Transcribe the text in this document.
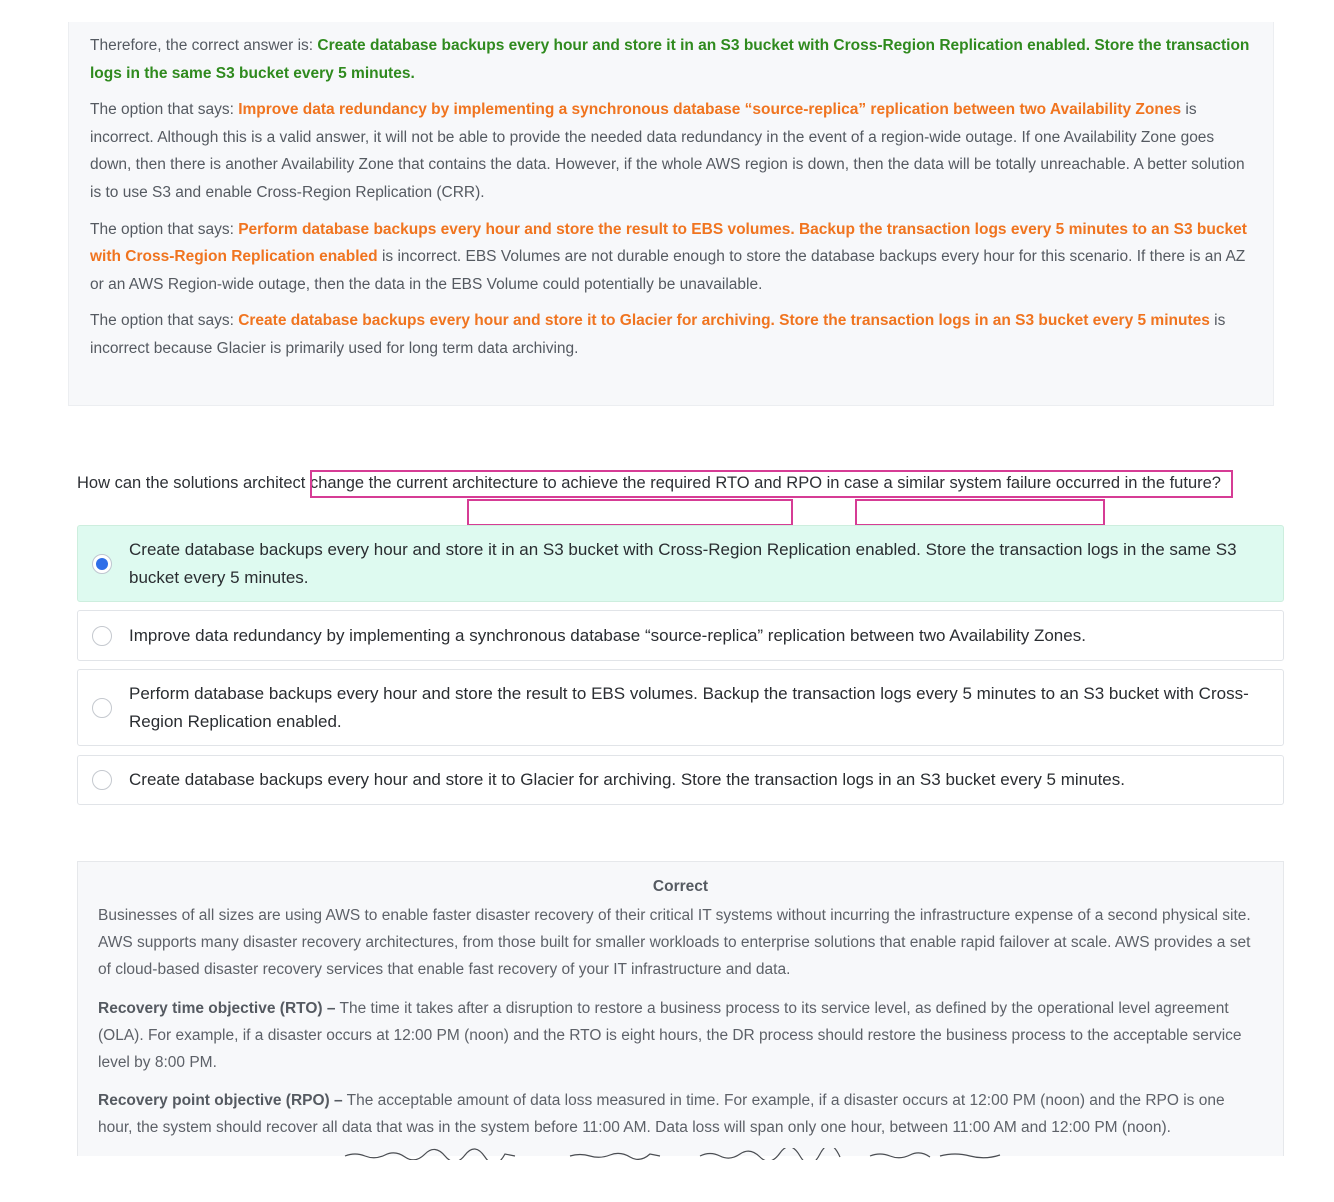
Therefore, the correct answer is: Create database backups every hour and store it in an S3 bucket with Cross-Region Replication enabled. Store the transaction logs in the same S3 bucket every 5 minutes.

The option that says: Improve data redundancy by implementing a synchronous database “source-replica” replication between two Availability Zones is incorrect. Although this is a valid answer, it will not be able to provide the needed data redundancy in the event of a region-wide outage. If one Availability Zone goes down, then there is another Availability Zone that contains the data. However, if the whole AWS region is down, then the data will be totally unreachable. A better solution is to use S3 and enable Cross-Region Replication (CRR).

The option that says: Perform database backups every hour and store the result to EBS volumes. Backup the transaction logs every 5 minutes to an S3 bucket with Cross-Region Replication enabled is incorrect. EBS Volumes are not durable enough to store the database backups every hour for this scenario. If there is an AZ or an AWS Region-wide outage, then the data in the EBS Volume could potentially be unavailable.

The option that says: Create database backups every hour and store it to Glacier for archiving. Store the transaction logs in an S3 bucket every 5 minutes is incorrect because Glacier is primarily used for long term data archiving.

How can the solutions architect change the current architecture to achieve the required RTO and RPO in case a similar system failure occurred in the future?
Create database backups every hour and store it in an S3 bucket with Cross-Region Replication enabled. Store the transaction logs in the same S3 bucket every 5 minutes.
Improve data redundancy by implementing a synchronous database “source-replica” replication between two Availability Zones.
Perform database backups every hour and store the result to EBS volumes. Backup the transaction logs every 5 minutes to an S3 bucket with Cross-Region Replication enabled.
Create database backups every hour and store it to Glacier for archiving. Store the transaction logs in an S3 bucket every 5 minutes.
Correct

Businesses of all sizes are using AWS to enable faster disaster recovery of their critical IT systems without incurring the infrastructure expense of a second physical site. AWS supports many disaster recovery architectures, from those built for smaller workloads to enterprise solutions that enable rapid failover at scale. AWS provides a set of cloud-based disaster recovery services that enable fast recovery of your IT infrastructure and data.

Recovery time objective (RTO) – The time it takes after a disruption to restore a business process to its service level, as defined by the operational level agreement (OLA). For example, if a disaster occurs at 12:00 PM (noon) and the RTO is eight hours, the DR process should restore the business process to the acceptable service level by 8:00 PM.

Recovery point objective (RPO) – The acceptable amount of data loss measured in time. For example, if a disaster occurs at 12:00 PM (noon) and the RPO is one hour, the system should recover all data that was in the system before 11:00 AM. Data loss will span only one hour, between 11:00 AM and 12:00 PM (noon).
